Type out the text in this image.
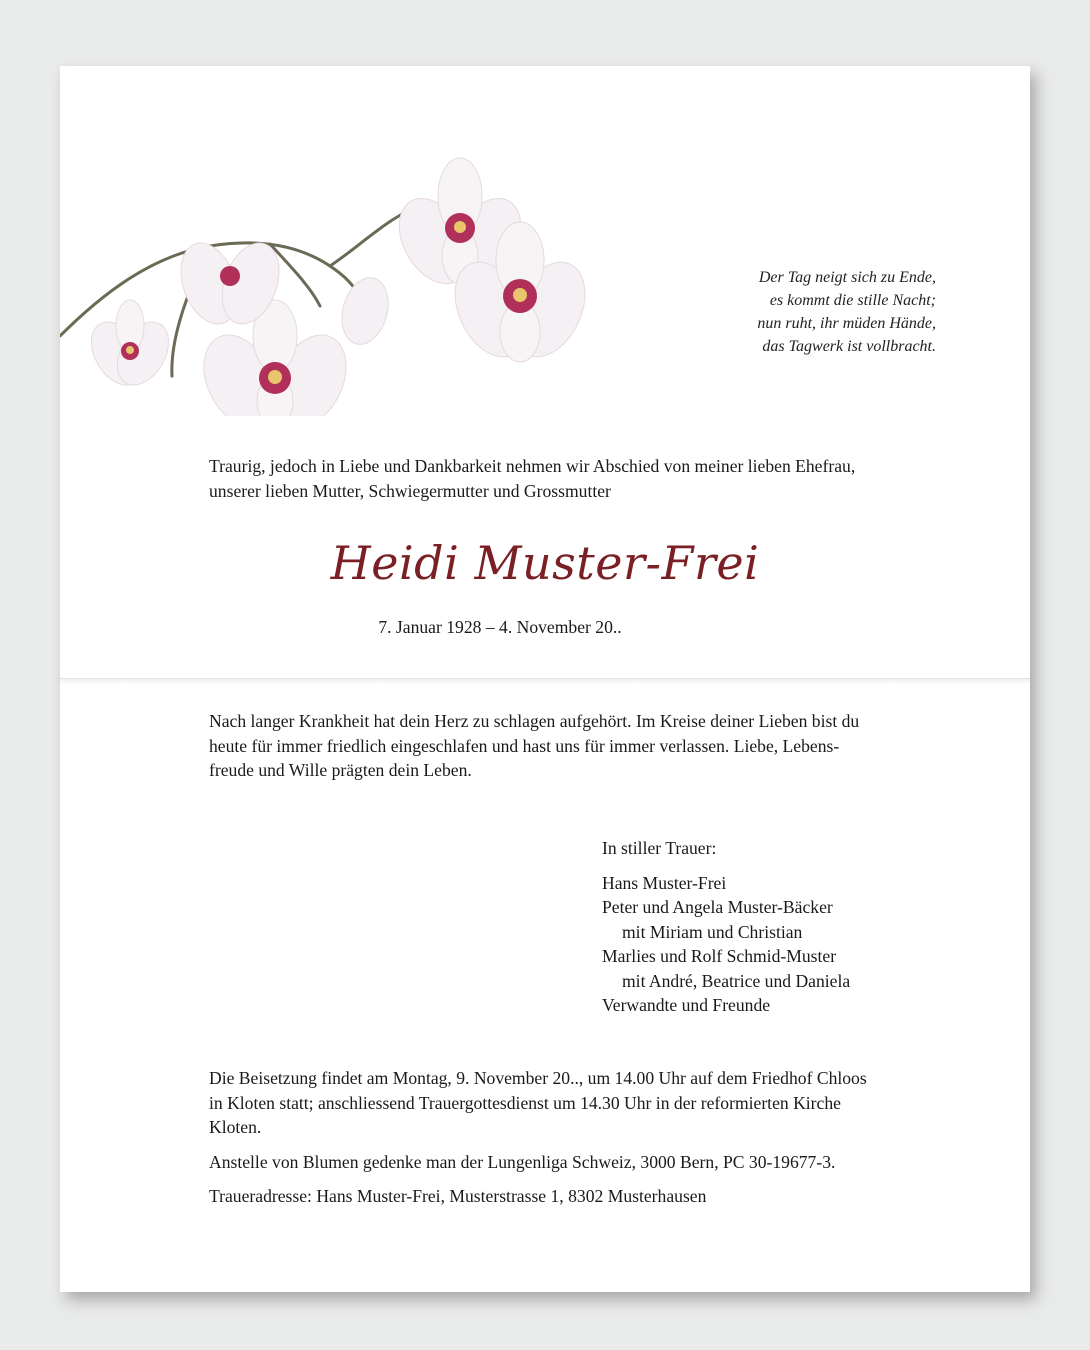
Der Tag neigt sich zu Ende,
es kommt die stille Nacht;
nun ruht, ihr müden Hände,
das Tagwerk ist vollbracht.
Traurig, jedoch in Liebe und Dankbarkeit nehmen wir Abschied von meiner lieben Ehefrau,
unserer lieben Mutter, Schwiegermutter und Grossmutter
Heidi Muster-Frei
7. Januar 1928 – 4. November 20..
Nach langer Krankheit hat dein Herz zu schlagen aufgehört. Im Kreise deiner Lieben bist du
heute für immer friedlich eingeschlafen und hast uns für immer verlassen. Liebe, Lebens-
freude und Wille prägten dein Leben.
In stiller Trauer:
Hans Muster-Frei
Peter und Angela Muster-Bäcker
mit Miriam und Christian
Marlies und Rolf Schmid-Muster
mit André, Beatrice und Daniela
Verwandte und Freunde
Die Beisetzung findet am Montag, 9. November 20.., um 14.00 Uhr auf dem Friedhof Chloos
in Kloten statt; anschliessend Trauergottesdienst um 14.30 Uhr in der reformierten Kirche
Kloten.
Anstelle von Blumen gedenke man der Lungenliga Schweiz, 3000 Bern, PC 30-19677-3.
Traueradresse: Hans Muster-Frei, Musterstrasse 1, 8302 Musterhausen
